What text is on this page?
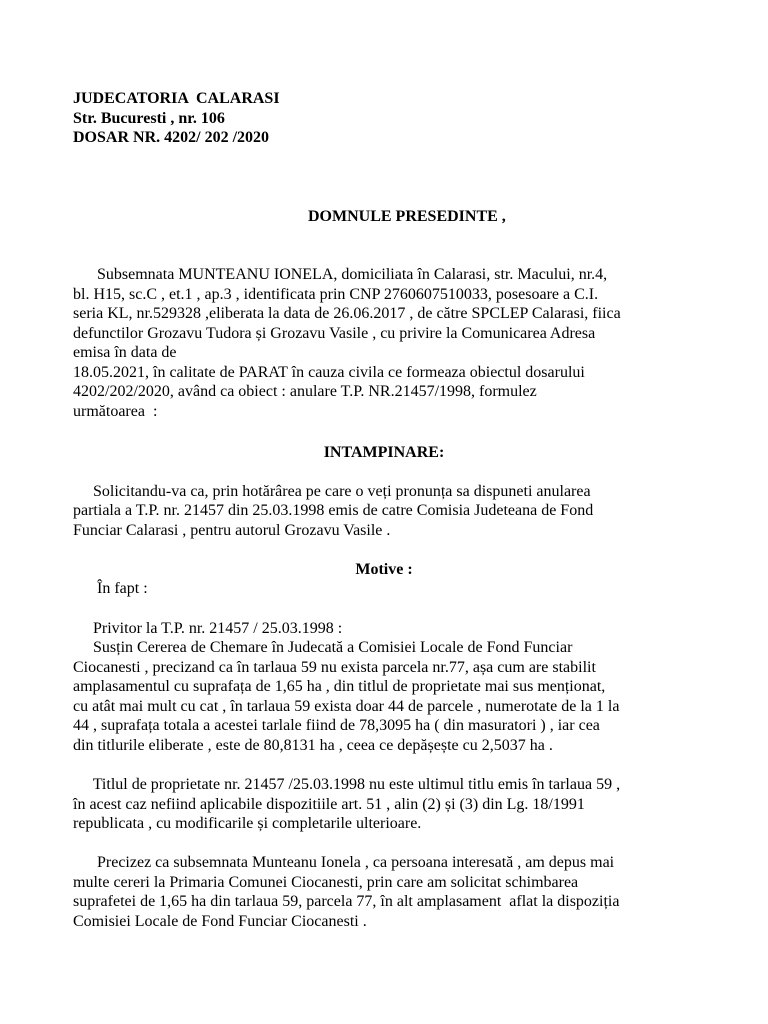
JUDECATORIA  CALARASI
Str. Bucuresti , nr. 106
DOSAR NR. 4202/ 202 /2020
DOMNULE PRESEDINTE ,
Subsemnata MUNTEANU IONELA, domiciliata în Calarasi, str. Macului, nr.4,
bl. H15, sc.C , et.1 , ap.3 , identificata prin CNP 2760607510033, posesoare a C.I.
seria KL, nr.529328 ,eliberata la data de 26.06.2017 , de către SPCLEP Calarasi, fiica
defunctilor Grozavu Tudora și Grozavu Vasile , cu privire la Comunicarea Adresa
emisa în data de
18.05.2021, în calitate de PARAT în cauza civila ce formeaza obiectul dosarului
4202/202/2020, având ca obiect : anulare T.P. NR.21457/1998, formulez
următoarea  :
INTAMPINARE:
Solicitandu-va ca, prin hotărârea pe care o veți pronunța sa dispuneti anularea
partiala a T.P. nr. 21457 din 25.03.1998 emis de catre Comisia Judeteana de Fond
Funciar Calarasi , pentru autorul Grozavu Vasile .
Motive :
În fapt :
Privitor la T.P. nr. 21457 / 25.03.1998 :
Susțin Cererea de Chemare în Judecată a Comisiei Locale de Fond Funciar
Ciocanesti , precizand ca în tarlaua 59 nu exista parcela nr.77, așa cum are stabilit
amplasamentul cu suprafața de 1,65 ha , din titlul de proprietate mai sus menționat,
cu atât mai mult cu cat , în tarlaua 59 exista doar 44 de parcele , numerotate de la 1 la
44 , suprafața totala a acestei tarlale fiind de 78,3095 ha ( din masuratori ) , iar cea
din titlurile eliberate , este de 80,8131 ha , ceea ce depășește cu 2,5037 ha .
Titlul de proprietate nr. 21457 /25.03.1998 nu este ultimul titlu emis în tarlaua 59 ,
în acest caz nefiind aplicabile dispozitiile art. 51 , alin (2) și (3) din Lg. 18/1991
republicata , cu modificarile și completarile ulterioare.
Precizez ca subsemnata Munteanu Ionela , ca persoana interesată , am depus mai
multe cereri la Primaria Comunei Ciocanesti, prin care am solicitat schimbarea
suprafetei de 1,65 ha din tarlaua 59, parcela 77, în alt amplasament  aflat la dispoziția
Comisiei Locale de Fond Funciar Ciocanesti .
